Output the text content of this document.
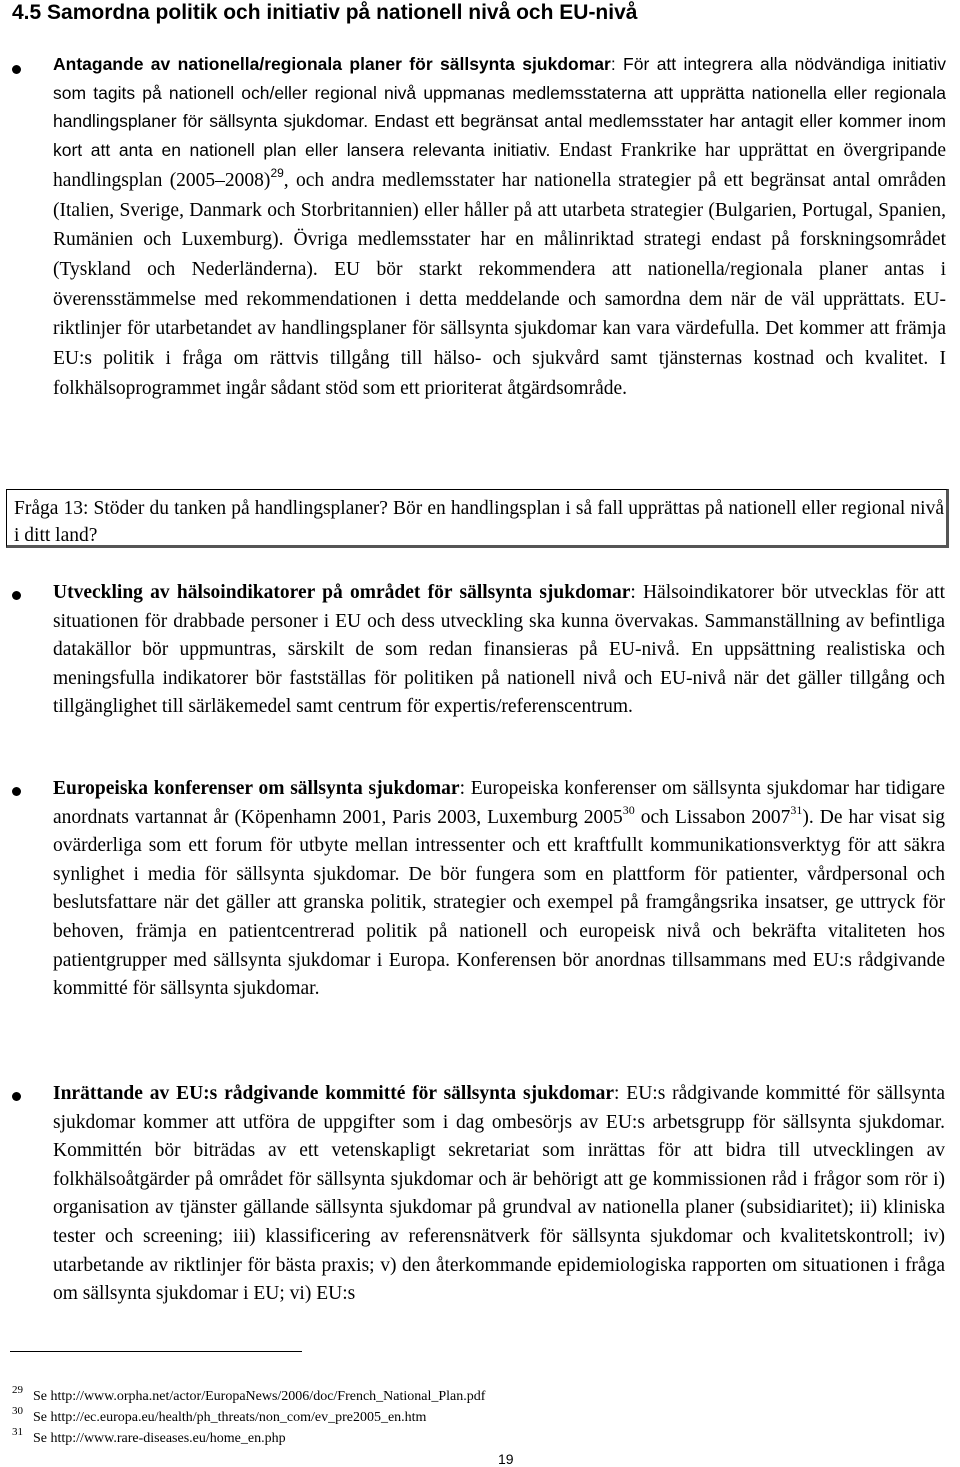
4.5 Samordna politik och initiativ på nationell nivå och EU-nivå

Antagande av nationella/regionala planer för sällsynta sjukdomar: För att integrera alla nödvändiga initiativ som tagits på nationell och/eller regional nivå uppmanas medlemsstaterna att upprätta nationella eller regionala handlingsplaner för sällsynta sjukdomar. Endast ett begränsat antal medlemsstater har antagit eller kommer inom kort att anta en nationell plan eller lansera relevanta initiativ. Endast Frankrike har upprättat en övergripande handlingsplan (2005–2008)$^{29}$, och andra medlemsstater har nationella strategier på ett begränsat antal områden (Italien, Sverige, Danmark och Storbritannien) eller håller på att utarbeta strategier (Bulgarien, Portugal, Spanien, Rumänien och Luxemburg). Övriga medlemsstater har en målinriktad strategi endast på forskningsområdet (Tyskland och Nederländerna). EU bör starkt rekommendera att nationella/regionala planer antas i överensstämmelse med rekommendationen i detta meddelande och samordna dem när de väl upprättats. EU-riktlinjer för utarbetandet av handlingsplaner för sällsynta sjukdomar kan vara värdefulla. Det kommer att främja EU:s politik i fråga om rättvis tillgång till hälso- och sjukvård samt tjänsternas kostnad och kvalitet. I folkhälsoprogrammet ingår sådant stöd som ett prioriterat åtgärdsområde.

Fråga 13: Stöder du tanken på handlingsplaner? Bör en handlingsplan i så fall upprättas på nationell eller regional nivå i ditt land?

Utveckling av hälsoindikatorer på området för sällsynta sjukdomar: Hälsoindikatorer bör utvecklas för att situationen för drabbade personer i EU och dess utveckling ska kunna övervakas. Sammanställning av befintliga datakällor bör uppmuntras, särskilt de som redan finansieras på EU-nivå. En uppsättning realistiska och meningsfulla indikatorer bör fastställas för politiken på nationell nivå och EU-nivå när det gäller tillgång och tillgänglighet till särläkemedel samt centrum för expertis/referenscentrum.

Europeiska konferenser om sällsynta sjukdomar: Europeiska konferenser om sällsynta sjukdomar har tidigare anordnats vartannat år (Köpenhamn 2001, Paris 2003, Luxemburg 2005$^{30}$ och Lissabon 2007$^{31}$). De har visat sig ovärderliga som ett forum för utbyte mellan intressenter och ett kraftfullt kommunikationsverktyg för att säkra synlighet i media för sällsynta sjukdomar. De bör fungera som en plattform för patienter, vårdpersonal och beslutsfattare när det gäller att granska politik, strategier och exempel på framgångsrika insatser, ge uttryck för behoven, främja en patientcentrerad politik på nationell och europeisk nivå och bekräfta vitaliteten hos patientgrupper med sällsynta sjukdomar i Europa. Konferensen bör anordnas tillsammans med EU:s rådgivande kommitté för sällsynta sjukdomar.

Inrättande av EU:s rådgivande kommitté för sällsynta sjukdomar: EU:s rådgivande kommitté för sällsynta sjukdomar kommer att utföra de uppgifter som i dag ombesörjs av EU:s arbetsgrupp för sällsynta sjukdomar. Kommittén bör biträdas av ett vetenskapligt sekretariat som inrättas för att bidra till utvecklingen av folkhälsoåtgärder på området för sällsynta sjukdomar och är behörigt att ge kommissionen råd i frågor som rör i) organisation av tjänster gällande sällsynta sjukdomar på grundval av nationella planer (subsidiaritet); ii) kliniska tester och screening; iii) klassificering av referensnätverk för sällsynta sjukdomar och kvalitetskontroll; iv) utarbetande av riktlinjer för bästa praxis; v) den återkommande epidemiologiska rapporten om situationen i fråga om sällsynta sjukdomar i EU; vi) EU:s

$^{29}$ Se http://www.orpha.net/actor/EuropaNews/2006/doc/French_National_Plan.pdf

$^{30}$ Se http://ec.europa.eu/health/ph_threats/non_com/ev_pre2005_en.htm

$^{31}$ Se http://www.rare-diseases.eu/home_en.php

19
